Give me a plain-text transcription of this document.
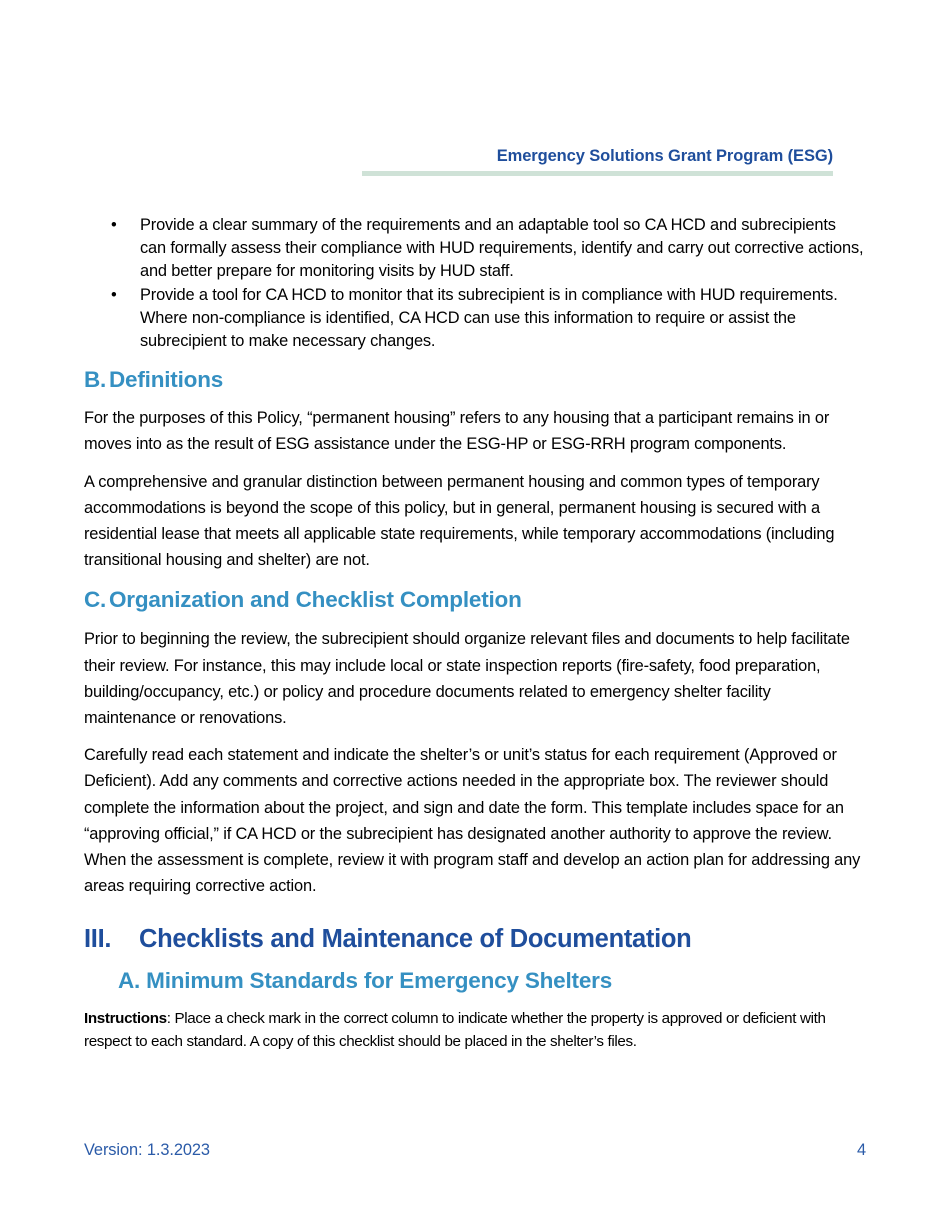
Emergency Solutions Grant Program (ESG)
• Provide a clear summary of the requirements and an adaptable tool so CA HCD and subrecipients can formally assess their compliance with HUD requirements, identify and carry out corrective actions, and better prepare for monitoring visits by HUD staff.
• Provide a tool for CA HCD to monitor that its subrecipient is in compliance with HUD requirements. Where non-compliance is identified, CA HCD can use this information to require or assist the subrecipient to make necessary changes.
B. Definitions

For the purposes of this Policy, “permanent housing” refers to any housing that a participant remains in or moves into as the result of ESG assistance under the ESG-HP or ESG-RRH program components.

A comprehensive and granular distinction between permanent housing and common types of temporary accommodations is beyond the scope of this policy, but in general, permanent housing is secured with a residential lease that meets all applicable state requirements, while temporary accommodations (including transitional housing and shelter) are not.

C. Organization and Checklist Completion

Prior to beginning the review, the subrecipient should organize relevant files and documents to help facilitate their review. For instance, this may include local or state inspection reports (fire-safety, food preparation, building/occupancy, etc.) or policy and procedure documents related to emergency shelter facility maintenance or renovations.

Carefully read each statement and indicate the shelter’s or unit’s status for each requirement (Approved or Deficient). Add any comments and corrective actions needed in the appropriate box. The reviewer should complete the information about the project, and sign and date the form. This template includes space for an “approving official,” if CA HCD or the subrecipient has designated another authority to approve the review. When the assessment is complete, review it with program staff and develop an action plan for addressing any areas requiring corrective action.

III.	Checklists and Maintenance of Documentation
A. Minimum Standards for Emergency Shelters

Instructions: Place a check mark in the correct column to indicate whether the property is approved or deficient with respect to each standard. A copy of this checklist should be placed in the shelter’s files.

Version: 1.3.2023	4
